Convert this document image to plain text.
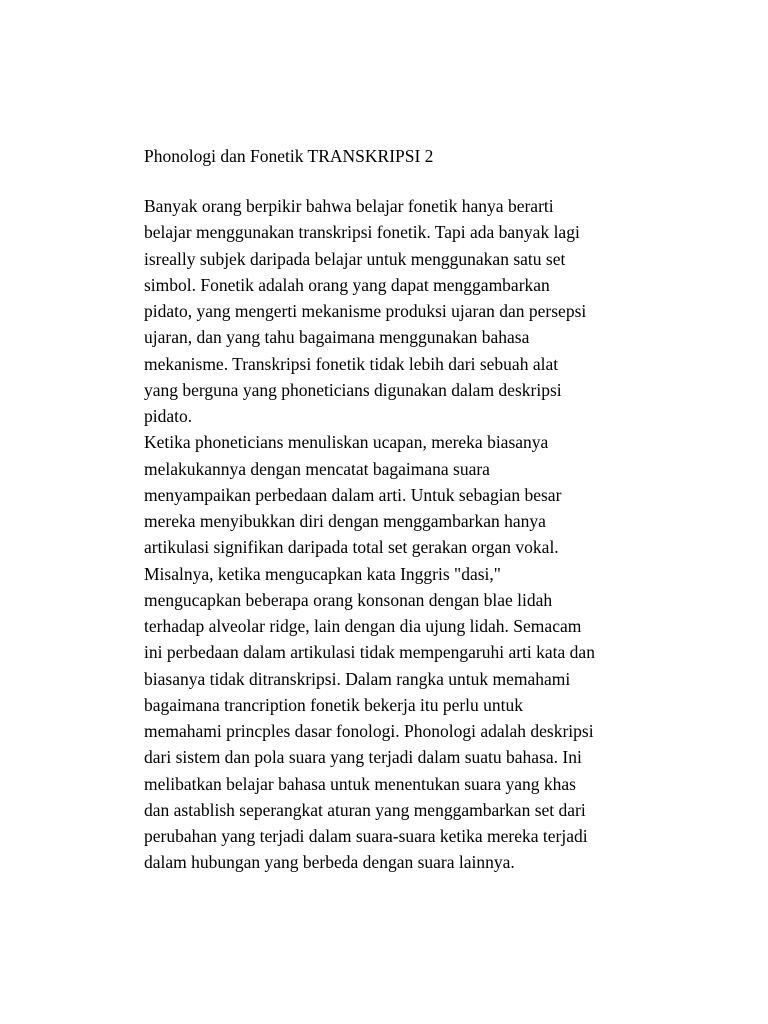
Phonologi dan Fonetik TRANSKRIPSI 2
Banyak orang berpikir bahwa belajar fonetik hanya berarti
belajar menggunakan transkripsi fonetik. Tapi ada banyak lagi
isreally subjek daripada belajar untuk menggunakan satu set
simbol. Fonetik adalah orang yang dapat menggambarkan
pidato, yang mengerti mekanisme produksi ujaran dan persepsi
ujaran, dan yang tahu bagaimana menggunakan bahasa
mekanisme. Transkripsi fonetik tidak lebih dari sebuah alat
yang berguna yang phoneticians digunakan dalam deskripsi
pidato.
Ketika phoneticians menuliskan ucapan, mereka biasanya
melakukannya dengan mencatat bagaimana suara
menyampaikan perbedaan dalam arti. Untuk sebagian besar
mereka menyibukkan diri dengan menggambarkan hanya
artikulasi signifikan daripada total set gerakan organ vokal.
Misalnya, ketika mengucapkan kata Inggris "dasi,"
mengucapkan beberapa orang konsonan dengan blae lidah
terhadap alveolar ridge, lain dengan dia ujung lidah. Semacam
ini perbedaan dalam artikulasi tidak mempengaruhi arti kata dan
biasanya tidak ditranskripsi. Dalam rangka untuk memahami
bagaimana trancription fonetik bekerja itu perlu untuk
memahami princples dasar fonologi. Phonologi adalah deskripsi
dari sistem dan pola suara yang terjadi dalam suatu bahasa. Ini
melibatkan belajar bahasa untuk menentukan suara yang khas
dan astablish seperangkat aturan yang menggambarkan set dari
perubahan yang terjadi dalam suara-suara ketika mereka terjadi
dalam hubungan yang berbeda dengan suara lainnya.
